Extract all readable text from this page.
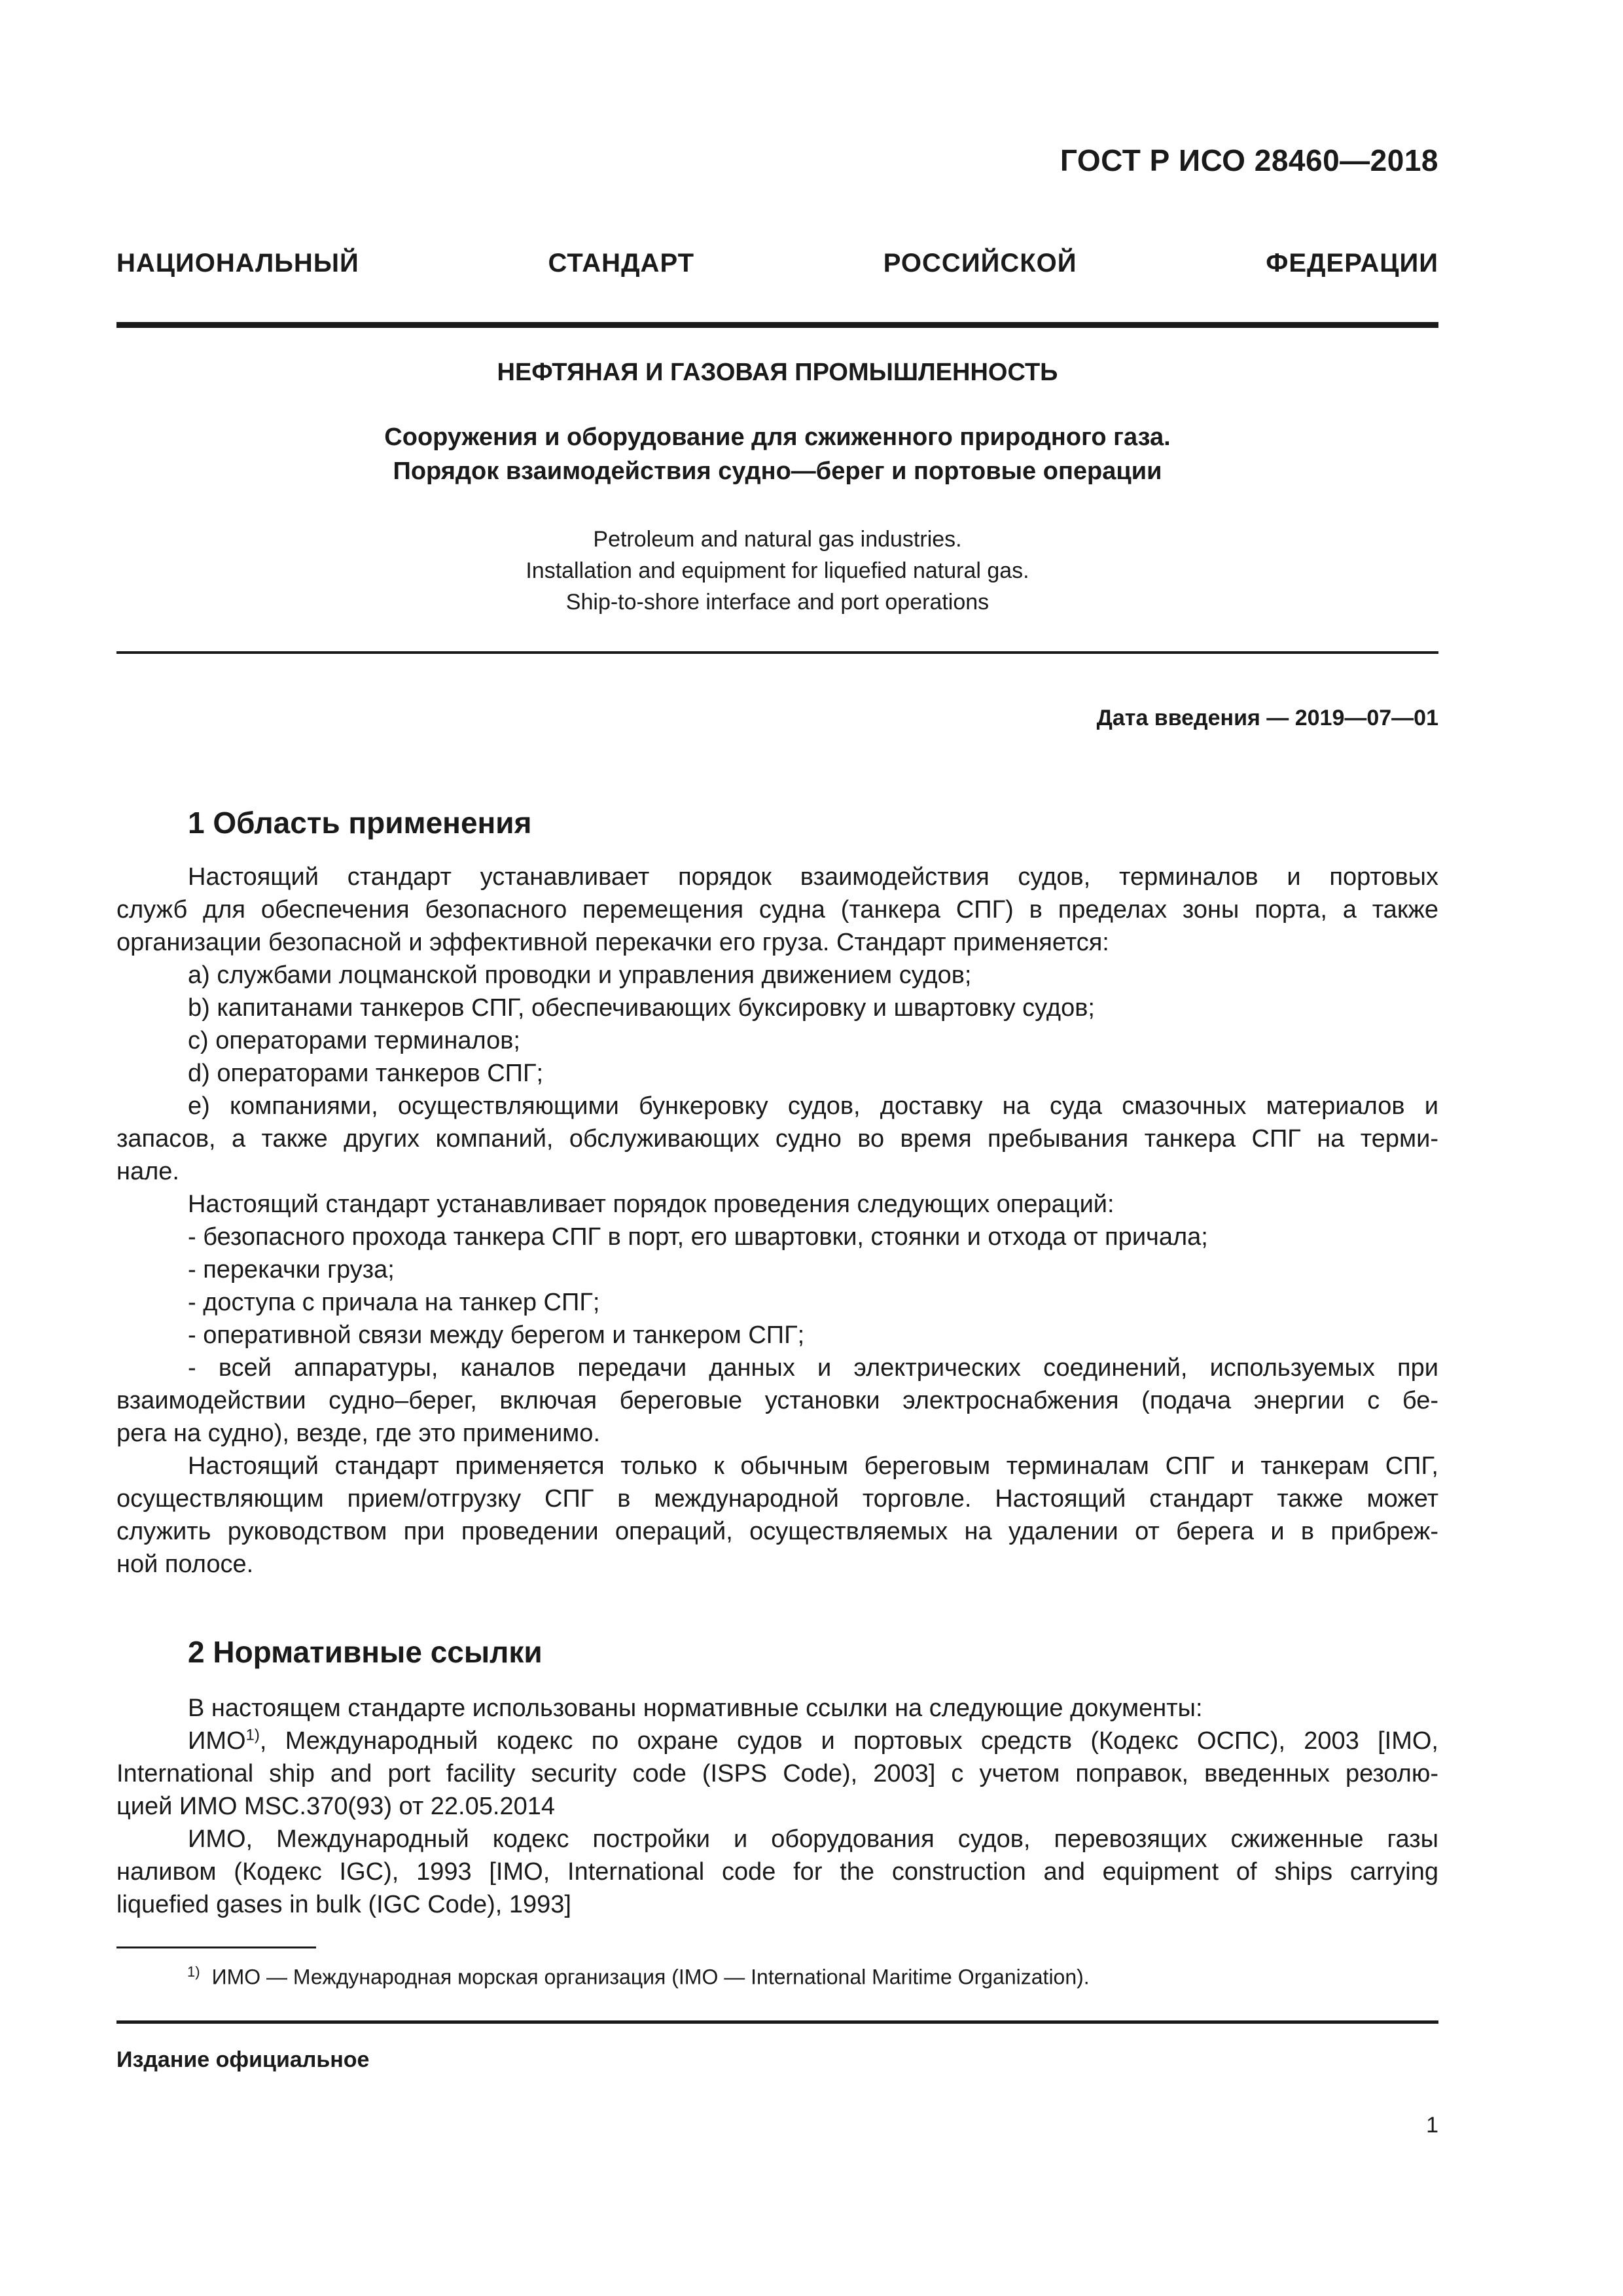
ГОСТ Р ИСО 28460—2018
НАЦИОНАЛЬНЫЙ	СТАНДАРТ	РОССИЙСКОЙ	ФЕДЕРАЦИИ
НЕФТЯНАЯ И ГАЗОВАЯ ПРОМЫШЛЕННОСТЬ
Сооружения и оборудование для сжиженного природного газа.
Порядок взаимодействия судно—берег и портовые операции
Petroleum and natural gas industries.
Installation and equipment for liquefied natural gas.
Ship-to-shore interface and port operations
Дата введения — 2019—07—01
1 Область применения
Настоящий стандарт устанавливает порядок взаимодействия судов, терминалов и портовых
служб для обеспечения безопасного перемещения судна (танкера СПГ) в пределах зоны порта, а также
организации безопасной и эффективной перекачки его груза. Стандарт применяется:
a) службами лоцманской проводки и управления движением судов;
b) капитанами танкеров СПГ, обеспечивающих буксировку и швартовку судов;
c) операторами терминалов;
d) операторами танкеров СПГ;
e) компаниями, осуществляющими бункеровку судов, доставку на суда смазочных материалов и
запасов, а также других компаний, обслуживающих судно во время пребывания танкера СПГ на терми-
нале.
Настоящий стандарт устанавливает порядок проведения следующих операций:
- безопасного прохода танкера СПГ в порт, его швартовки, стоянки и отхода от причала;
- перекачки груза;
- доступа с причала на танкер СПГ;
- оперативной связи между берегом и танкером СПГ;
- всей аппаратуры, каналов передачи данных и электрических соединений, используемых при
взаимодействии судно–берег, включая береговые установки электроснабжения (подача энергии с бе-
рега на судно), везде, где это применимо.
Настоящий стандарт применяется только к обычным береговым терминалам СПГ и танкерам СПГ,
осуществляющим прием/отгрузку СПГ в международной торговле. Настоящий стандарт также может
служить руководством при проведении операций, осуществляемых на удалении от берега и в прибреж-
ной полосе.
2 Нормативные ссылки
В настоящем стандарте использованы нормативные ссылки на следующие документы:
ИМО$^{1)}$, Международный кодекс по охране судов и портовых средств (Кодекс ОСПС), 2003 [IMO,
International ship and port facility security code (ISPS Code), 2003] с учетом поправок, введенных резолю-
цией ИМО MSC.370(93) от 22.05.2014
ИМО, Международный кодекс постройки и оборудования судов, перевозящих сжиженные газы
наливом (Кодекс IGC), 1993 [IMO, International code for the construction and equipment of ships carrying
liquefied gases in bulk (IGC Code), 1993]
$^{1)}$ ИМО — Международная морская организация (IMO — International Maritime Organization).
Издание официальное
1
